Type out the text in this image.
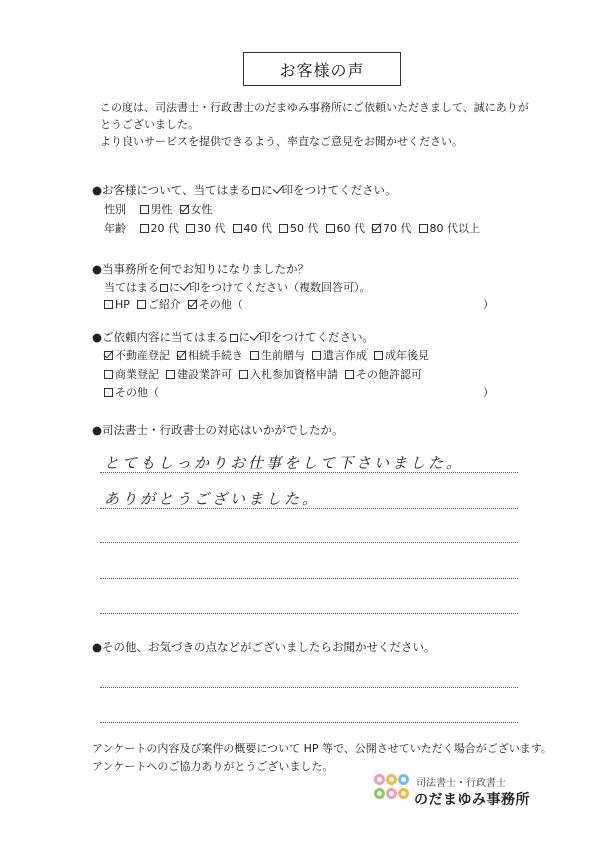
お客様の声
この度は、司法書士・行政書士のだまゆみ事務所にご依頼いただきまして、誠にありが
とうございました。
より良いサービスを提供できるよう、率直なご意見をお聞かせください。
●お客様について、当てはまる に 印をつけてください。
性別 男性 女性
年齢 20 代 30 代 40 代 50 代 60 代 70 代 80 代以上
●当事務所を何でお知りになりましたか？
当てはまる に 印をつけてください（複数回答可）。
HP ご紹介 その他（	）
●ご依頼内容に当てはまる に 印をつけてください。
不動産登記 相続手続き 生前贈与 遺言作成 成年後見
商業登記 建設業許可 入札参加資格申請 その他許認可
その他（	）
●司法書士・行政書士の対応はいかがでしたか。
とてもしっかりお仕事をして下さいました。
ありがとうございました。
●その他、お気づきの点などがございましたらお聞かせください。
アンケートの内容及び案件の概要について HP 等で、公開させていただく場合がございます。
アンケートへのご協力ありがとうございました。
司法書士・行政書士
のだまゆみ事務所
